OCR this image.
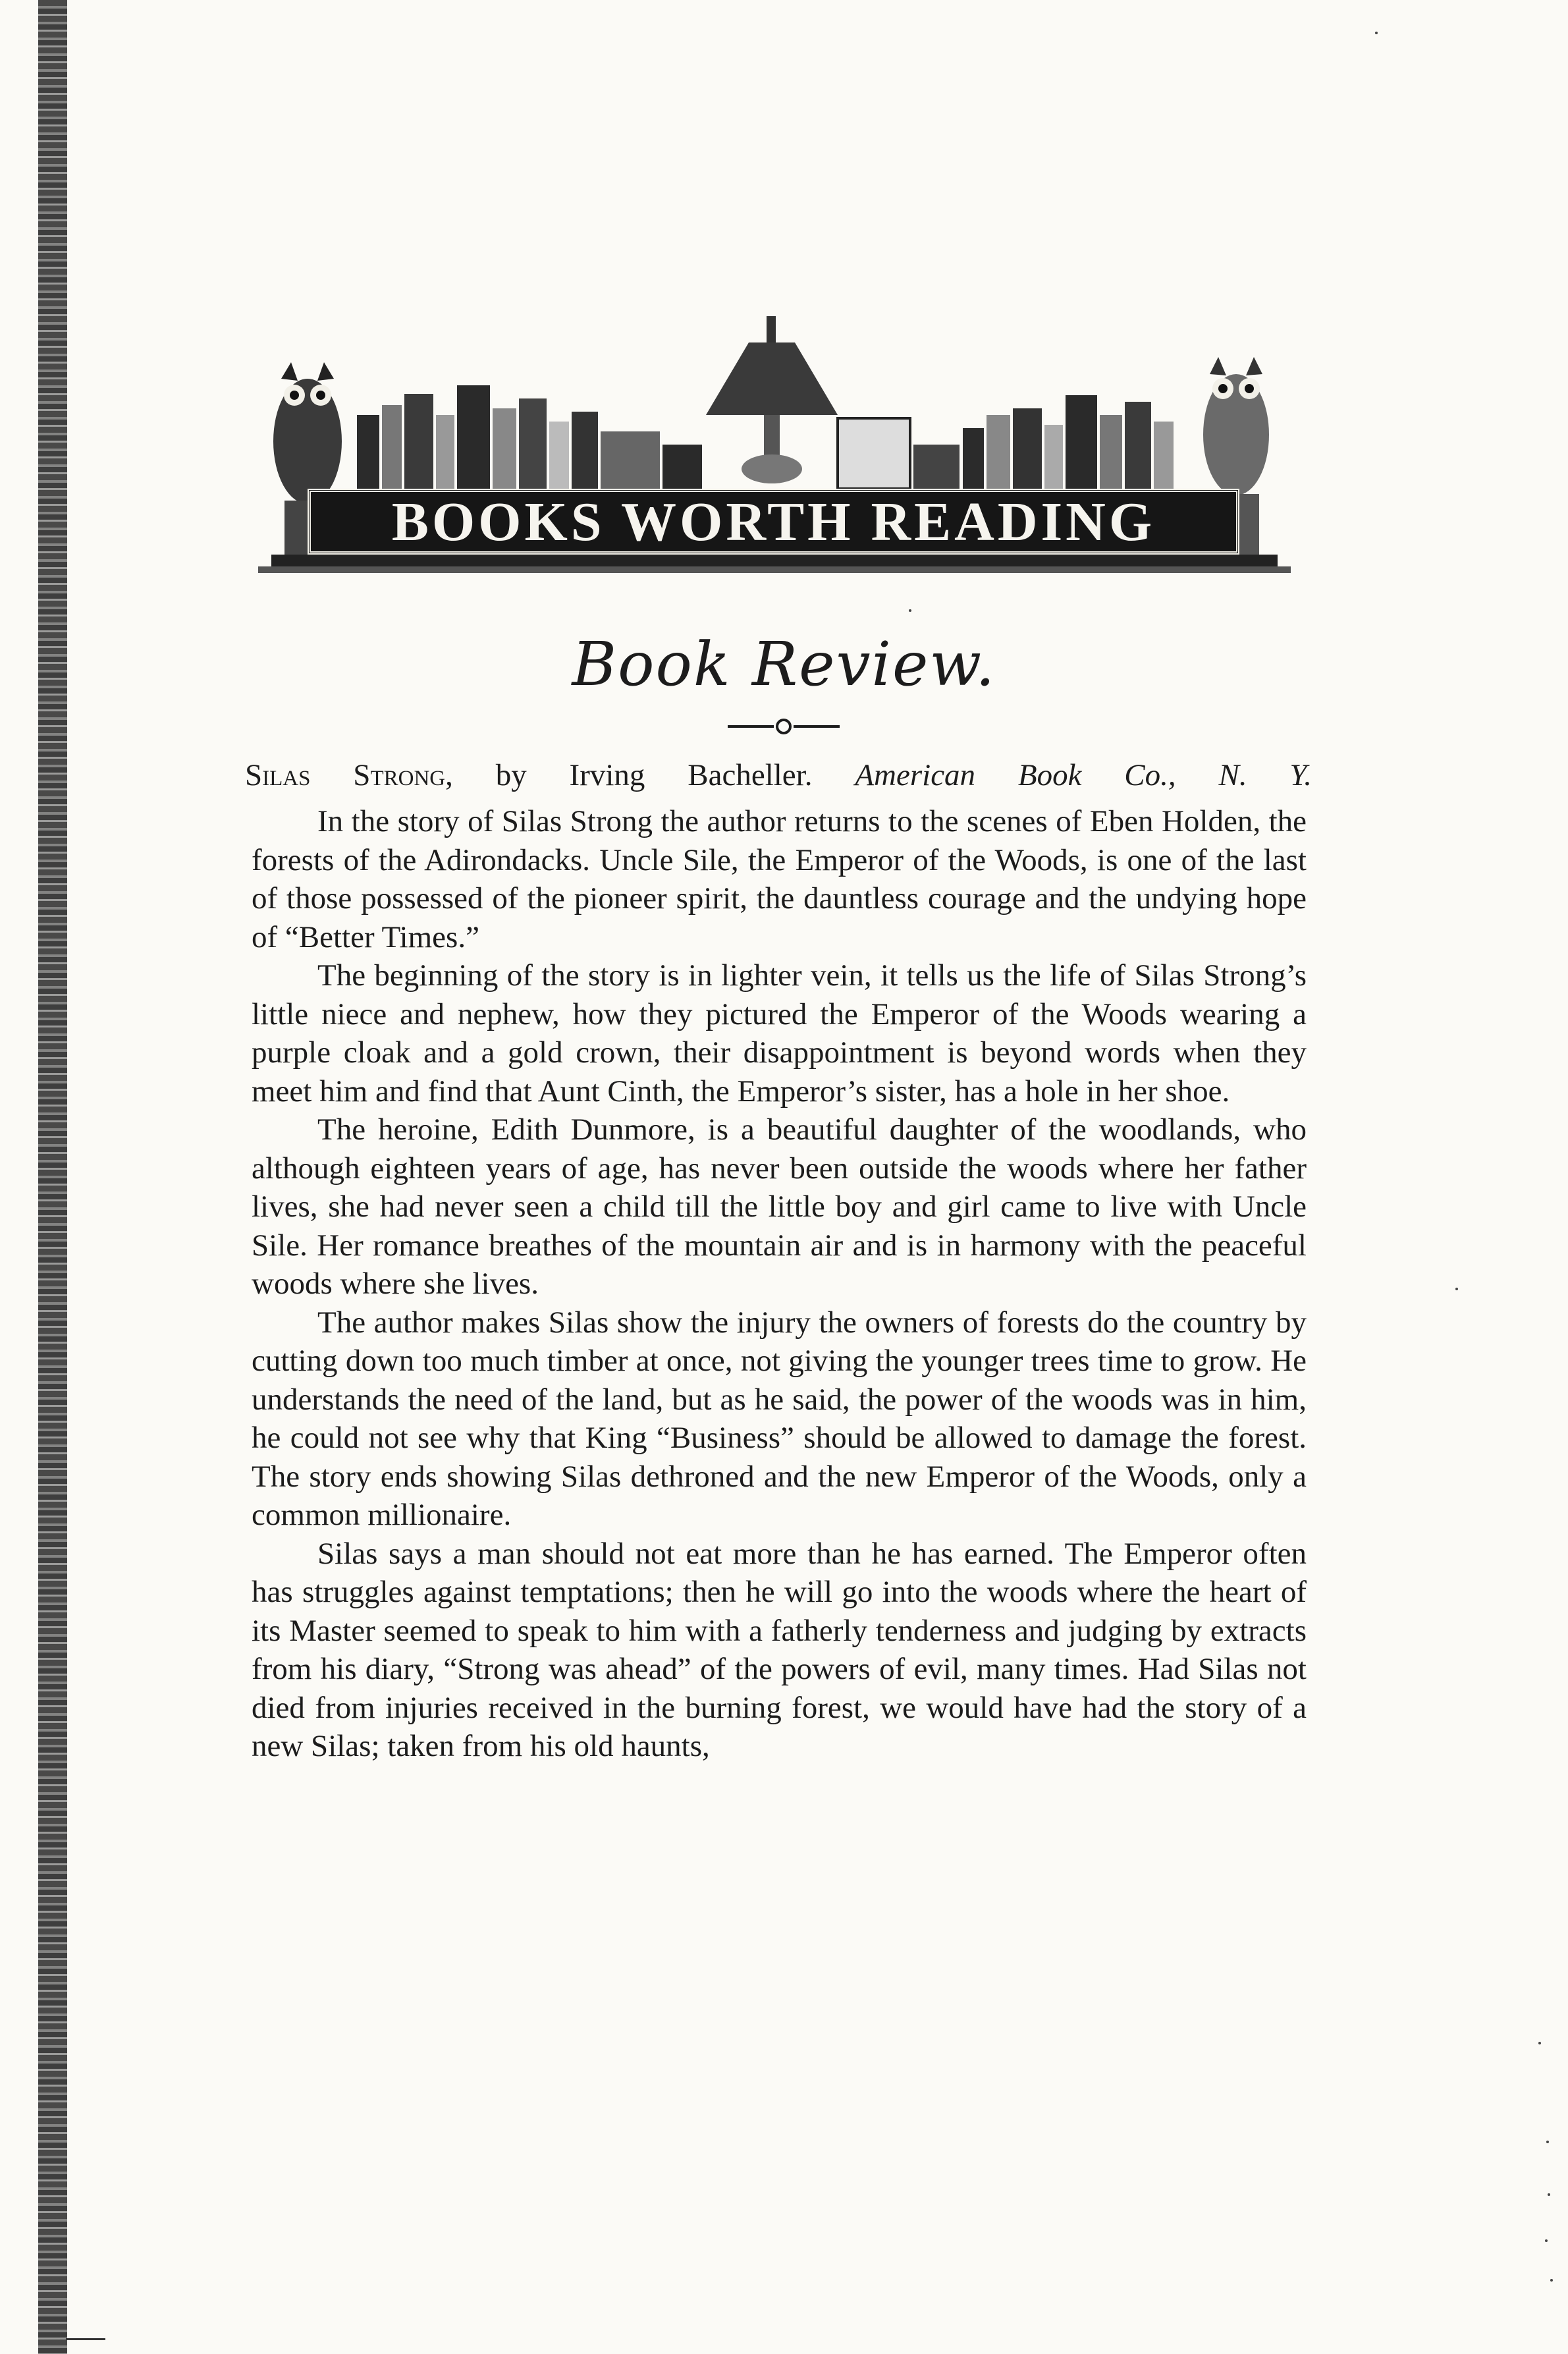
BOOKS WORTH READING
Book Review.
Silas Strong, by Irving Bacheller. American Book Co., N. Y.

In the story of Silas Strong the author returns to the scenes of Eben Holden, the forests of the Adirondacks. Uncle Sile, the Emperor of the Woods, is one of the last of those possessed of the pioneer spirit, the dauntless courage and the undying hope of “Better Times.”

The beginning of the story is in lighter vein, it tells us the life of Silas Strong’s little niece and nephew, how they pictured the Emperor of the Woods wearing a purple cloak and a gold crown, their disappointment is beyond words when they meet him and find that Aunt Cinth, the Emperor’s sister, has a hole in her shoe.

The heroine, Edith Dunmore, is a beautiful daughter of the woodlands, who although eighteen years of age, has never been outside the woods where her father lives, she had never seen a child till the little boy and girl came to live with Uncle Sile. Her romance breathes of the mountain air and is in harmony with the peaceful woods where she lives.

The author makes Silas show the injury the owners of forests do the country by cutting down too much timber at once, not giving the younger trees time to grow. He understands the need of the land, but as he said, the power of the woods was in him, he could not see why that King “Business” should be allowed to damage the forest. The story ends showing Silas dethroned and the new Emperor of the Woods, only a common millionaire.

Silas says a man should not eat more than he has earned. The Emperor often has struggles against temptations; then he will go into the woods where the heart of its Master seemed to speak to him with a fatherly tenderness and judging by extracts from his diary, “Strong was ahead” of the powers of evil, many times. Had Silas not died from injuries received in the burning forest, we would have had the story of a new Silas; taken from his old haunts,
